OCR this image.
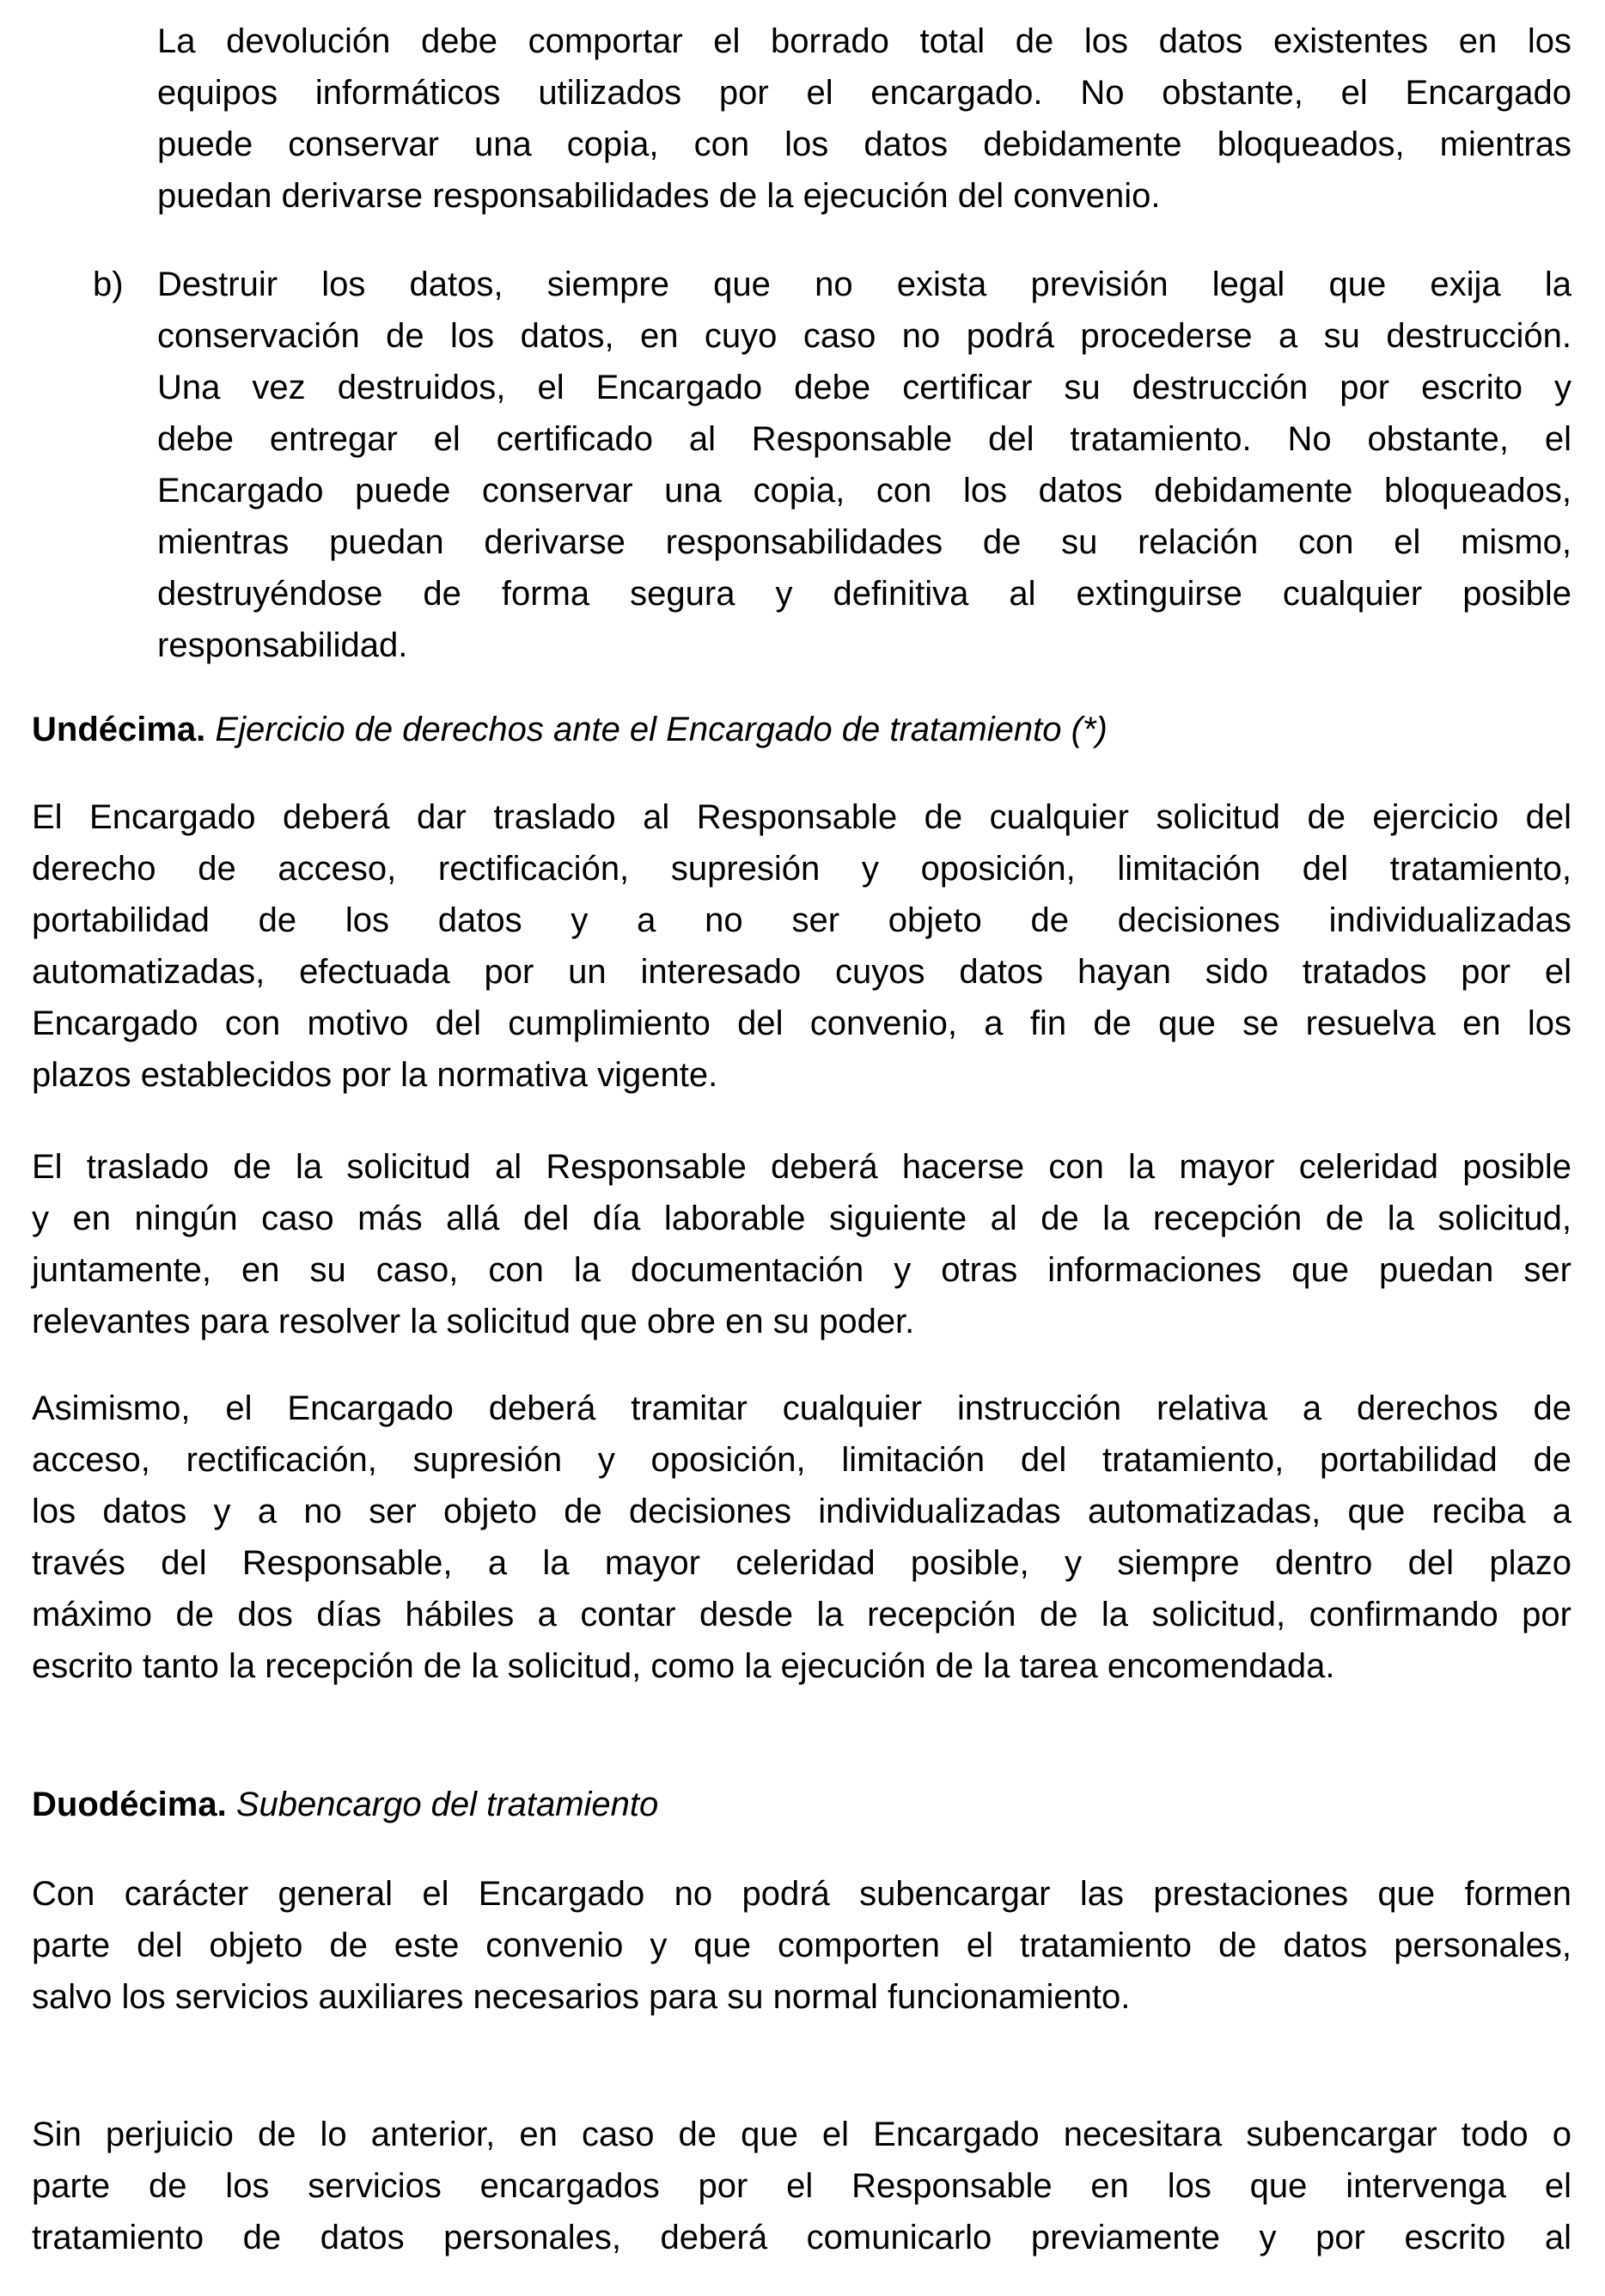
La devolución debe comportar el borrado total de los datos existentes en los
equipos informáticos utilizados por el encargado. No obstante, el Encargado
puede conservar una copia, con los datos debidamente bloqueados, mientras
puedan derivarse responsabilidades de la ejecución del convenio.
b) Destruir los datos, siempre que no exista previsión legal que exija la
conservación de los datos, en cuyo caso no podrá procederse a su destrucción.
Una vez destruidos, el Encargado debe certificar su destrucción por escrito y
debe entregar el certificado al Responsable del tratamiento. No obstante, el
Encargado puede conservar una copia, con los datos debidamente bloqueados,
mientras puedan derivarse responsabilidades de su relación con el mismo,
destruyéndose de forma segura y definitiva al extinguirse cualquier posible
responsabilidad.
Undécima. Ejercicio de derechos ante el Encargado de tratamiento (*)
El Encargado deberá dar traslado al Responsable de cualquier solicitud de ejercicio del
derecho de acceso, rectificación, supresión y oposición, limitación del tratamiento,
portabilidad de los datos y a no ser objeto de decisiones individualizadas
automatizadas, efectuada por un interesado cuyos datos hayan sido tratados por el
Encargado con motivo del cumplimiento del convenio, a fin de que se resuelva en los
plazos establecidos por la normativa vigente.
El traslado de la solicitud al Responsable deberá hacerse con la mayor celeridad posible
y en ningún caso más allá del día laborable siguiente al de la recepción de la solicitud,
juntamente, en su caso, con la documentación y otras informaciones que puedan ser
relevantes para resolver la solicitud que obre en su poder.
Asimismo, el Encargado deberá tramitar cualquier instrucción relativa a derechos de
acceso, rectificación, supresión y oposición, limitación del tratamiento, portabilidad de
los datos y a no ser objeto de decisiones individualizadas automatizadas, que reciba a
través del Responsable, a la mayor celeridad posible, y siempre dentro del plazo
máximo de dos días hábiles a contar desde la recepción de la solicitud, confirmando por
escrito tanto la recepción de la solicitud, como la ejecución de la tarea encomendada.
Duodécima. Subencargo del tratamiento
Con carácter general el Encargado no podrá subencargar las prestaciones que formen
parte del objeto de este convenio y que comporten el tratamiento de datos personales,
salvo los servicios auxiliares necesarios para su normal funcionamiento.
Sin perjuicio de lo anterior, en caso de que el Encargado necesitara subencargar todo o
parte de los servicios encargados por el Responsable en los que intervenga el
tratamiento de datos personales, deberá comunicarlo previamente y por escrito al
